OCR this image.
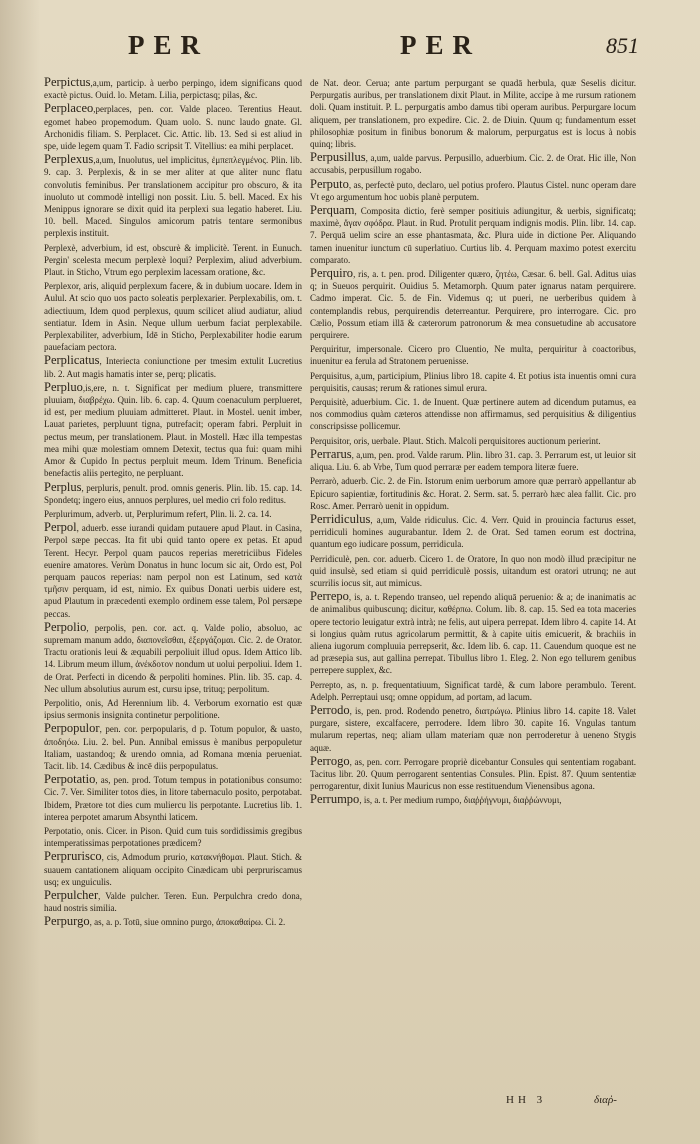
PER	PER	851

Perpictus,a,um, particip. à uerbo perpingo, idem significans quod exactè pictus. Ouid. lo. Metam. Lilia, perpictasq; pilas, &c.

Perplaceo,perplaces, pen. cor. Valde placeo. Terentius Heaut. egomet habeo propemodum. Quam uolo. S. nunc laudo gnate. Gl. Archonidis filiam. S. Perplacet. Cic. Attic. lib. 13. Sed si est aliud in spe, uide legem quam T. Fadio scripsit T. Vitellius: ea mihi perplacet.

Perplexus,a,um, Inuolutus, uel implicitus, ἐμπεπλεγμένος. Plin. lib. 9. cap. 3. Perplexis, & in se mer aliter at que aliter nunc flatu convolutis feminibus. Per translationem accipitur pro obscuro, & ita inuoluto ut commodè intelligi non possit. Liu. 5. bell. Maced. Ex his Menippus ignorare se dixit quid ita perplexi sua legatio haberet. Liu. 10. bell. Maced. Singulos amicorum patris tentare sermonibus perplexis instituit.

Perplexè, adverbium, id est, obscurè & implicitè. Terent. in Eunuch. Pergin' scelesta mecum perplexè loqui? Perplexim, aliud adverbium. Plaut. in Sticho, Vtrum ego perplexim lacessam oratione, &c.

Perplexor, aris, aliquid perplexum facere, & in dubium uocare. Idem in Aulul. At scio quo uos pacto soleatis perplexarier. Perplexabilis, om. t. adiectiuum, Idem quod perplexus, quum scilicet aliud audiatur, aliud sentiatur. Idem in Asin. Neque ullum uerbum faciat perplexabile. Perplexabiliter, adverbium, Idē in Sticho, Perplexabiliter hodie earum pauefaciam pectora.

Perplicatus, Interiecta coniunctione per tmesim extulit Lucretius lib. 2. Aut magis hamatis inter se, perq; plicatis.

Perpluo,is,ere, n. t. Significat per medium pluere, transmittere pluuiam, διαβρέχω. Quin. lib. 6. cap. 4. Quum coenaculum perplueret, id est, per medium pluuiam admitteret. Plaut. in Mostel. uenit imber, Lauat parietes, perpluunt tigna, putrefacit; operam fabri. Perpluit in pectus meum, per translationem. Plaut. in Mostell. Hæc illa tempestas mea mihi quæ molestiam omnem Detexit, tectus qua fui: quam mihi Amor & Cupido In pectus perpluit meum. Idem Trinum. Beneficia benefactis aliis pertegito, ne perpluant.

Perplus, perpluris, penult. prod. omnis generis. Plin. lib. 15. cap. 14. Spondetq; ingero eius, annuos perplures, uel medio cri folo reditus.

Perplurimum, adverb. ut, Perplurimum refert, Plin. li. 2. ca. 14.

Perpol, aduerb. esse iurandi quidam putauere apud Plaut. in Casina, Perpol sæpe peccas. Ita fit ubi quid tanto opere ex petas. Et apud Terent. Hecyr. Perpol quam paucos reperias meretriciibus Fideles euenire amatores. Verùm Donatus in hunc locum sic ait, Ordo est, Pol perquam paucos reperias: nam perpol non est Latinum, sed κατὰ τμῆσιν perquam, id est, nimio. Ex quibus Donati uerbis uidere est, apud Plautum in præcedenti exemplo ordinem esse talem, Pol persæpe peccas.

Perpolio, perpolis, pen. cor. act. q. Valde polio, absoluo, ac supremam manum addo, διαπονεῖσθαι, ἐξεργάζομαι. Cic. 2. de Orator. Tractu orationis leui & æquabili perpoliuit illud opus. Idem Attico lib. 14. Librum meum illum, ἀνέκδοτον nondum ut uolui perpoliui. Idem 1. de Orat. Perfecti in dicendo & perpoliti homines. Plin. lib. 35. cap. 4. Nec ullum absolutius aurum est, cursu ipse, trituq; perpolitum.

Perpolitio, onis, Ad Herennium lib. 4. Verborum exornatio est quæ ipsius sermonis insignita continetur perpolitione.

Perpopulor, pen. cor. perpopularis, d p. Totum populor, & uasto, ἀποδηόω. Liu. 2. bel. Pun. Annibal emissus è manibus perpopuletur Italiam, uastandoq; & urendo omnia, ad Romana mœnia perueniat. Tacit. lib. 14. Cædibus & incē diis perpopulatus.

Perpotatio, as, pen. prod. Totum tempus in potationibus consumo: Cic. 7. Ver. Similiter totos dies, in litore tabernaculo posito, perpotabat. Ibidem, Prætore tot dies cum muliercu lis perpotante. Lucretius lib. 1. interea perpotet amarum Absynthi laticem.

Perpotatio, onis. Cicer. in Pison. Quid cum tuis sordidissimis gregibus intemperatissimas perpotationes prædicem?

Perprurisco, cis, Admodum prurio, κατακνήθομαι. Plaut. Stich. & suauem cantationem aliquam occipito Cinædicam ubi perpruriscamus usq; ex unguiculis.

Perpulcher, Valde pulcher. Teren. Eun. Perpulchra credo dona, haud nostris similia.

Perpurgo, as, a. p. Totū, siue omnino purgo, ἀποκαθαίρω. Ci. 2.

de Nat. deor. Cerua; ante partum perpurgant se quadā herbula, quæ Seselis dicitur. Perpurgatis auribus, per translationem dixit Plaut. in Milite, accipe à me rursum rationem doli. Quam instituit. P. L. perpurgatis ambo damus tibi operam auribus. Perpurgare locum aliquem, per translationem, pro expedire. Cic. 2. de Diuin. Quum q; fundamentum esset philosophiæ positum in finibus bonorum & malorum, perpurgatus est is locus à nobis quinq; libris.

Perpusillus, a,um, ualde parvus. Perpusillo, aduerbium. Cic. 2. de Orat. Hic ille, Non accusabis, perpusillum rogabo.

Perputo, as, perfectè puto, declaro, uel potius profero. Plautus Cistel. nunc operam dare Vt ego argumentum hoc uobis planè perputem.

Perquam, Composita dictio, ferè semper positiuis adiungitur, & uerbis, significatq; maximè, ἄγαν σφόδρα. Plaut. in Rud. Protulit perquam indignis modis. Plin. libr. 14. cap. 7. Perquā uelim scire an esse phantasmata, &c. Plura uide in dictione Per. Aliquando tamen inuenitur iunctum cū superlatiuo. Curtius lib. 4. Perquam maximo potest exercitu comparato.

Perquiro, ris, a. t. pen. prod. Diligenter quæro, ζητέω, Cæsar. 6. bell. Gal. Aditus uias q; in Sueuos perquirit. Ouidius 5. Metamorph. Quum pater ignarus natam perquirere. Cadmo imperat. Cic. 5. de Fin. Videmus q; ut pueri, ne uerberibus quidem à contemplandis rebus, perquirendis deterreantur. Perquirere, pro interrogare. Cic. pro Cælio, Possum etiam illā & cæterorum patronorum & mea consuetudine ab accusatore perquirere.

Perquiritur, impersonale. Cicero pro Cluentio, Ne multa, perquiritur à coactoribus, inuenitur ea ferula ad Stratonem peruenisse.

Perquisitus, a,um, participium, Plinius libro 18. capite 4. Et potius ista inuentis omni cura perquisitis, causas; rerum & rationes simul erura.

Perquisitè, aduerbium. Cic. 1. de Inuent. Quæ pertinere autem ad dicendum putamus, ea nos commodius quàm cæteros attendisse non affirmamus, sed perquisitius & diligentius conscripsisse pollicemur.

Perquisitor, oris, uerbale. Plaut. Stich. Malcoli perquisitores auctionum perierint.

Perrarus, a,um, pen. prod. Valde rarum. Plin. libro 31. cap. 3. Perrarum est, ut leuior sit aliqua. Liu. 6. ab Vrbe, Tum quod perraræ per eadem tempora literæ fuere.

Perrarò, aduerb. Cic. 2. de Fin. Istorum enim uerborum amore quæ perrarò appellantur ab Epicuro sapientiæ, fortitudinis &c. Horat. 2. Serm. sat. 5. perrarò hæc alea fallit. Cic. pro Rosc. Amer. Perrarò uenit in oppidum.

Perridiculus, a,um, Valde ridiculus. Cic. 4. Verr. Quid in prouincia facturus esset, perridiculi homines augurabantur. Idem 2. de Orat. Sed tamen eorum est doctrina, quantum ego iudicare possum, perridicula.

Perridiculè, pen. cor. aduerb. Cicero 1. de Oratore, In quo non modò illud præcipitur ne quid insulsè, sed etiam si quid perridiculè possis, uitandum est oratori utrunq; ne aut scurrilis iocus sit, aut mimicus.

Perrepo, is, a. t. Rependo transeo, uel rependo aliquā peruenio: & a; de inanimatis ac de animalibus quibuscunq; dicitur, καθέρπω. Colum. lib. 8. cap. 15. Sed ea tota maceries opere tectorio leuigatur extrà intrà; ne felis, aut uipera perrepat. Idem libro 4. capite 14. At si longius quàm rutus agricolarum permittit, & à capite uitis emicuerit, & brachiis in aliena iugorum compluuia perrepserit, &c. Idem lib. 6. cap. 11. Cauendum quoque est ne ad præsepia sus, aut gallina perrepat. Tibullus libro 1. Eleg. 2. Non ego tellurem genibus perrepere supplex, &c.

Perrepto, as, n. p. frequentatiuum, Significat tardè, & cum labore perambulo. Terent. Adelph. Perreptaui usq; omne oppidum, ad portam, ad lacum.

Perrodo, is, pen. prod. Rodendo penetro, διατρώγω. Plinius libro 14. capite 18. Valet purgare, sistere, excalfacere, perrodere. Idem libro 30. capite 16. Vngulas tantum mularum repertas, neq; aliam ullam materiam quæ non perroderetur à ueneno Stygis aquæ.

Perrogo, as, pen. corr. Perrogare propriè dicebantur Consules qui sententiam rogabant. Tacitus libr. 20. Quum perrogarent sententias Consules. Plin. Epist. 87. Quum sententiæ perrogarentur, dixit Iunius Mauricus non esse restituendum Vienensibus agona.

Perrumpo, is, a. t. Per medium rumpo, διαῤῥήγνυμι, διαῤῥώννυμι,

HH 3	διαῤ-
